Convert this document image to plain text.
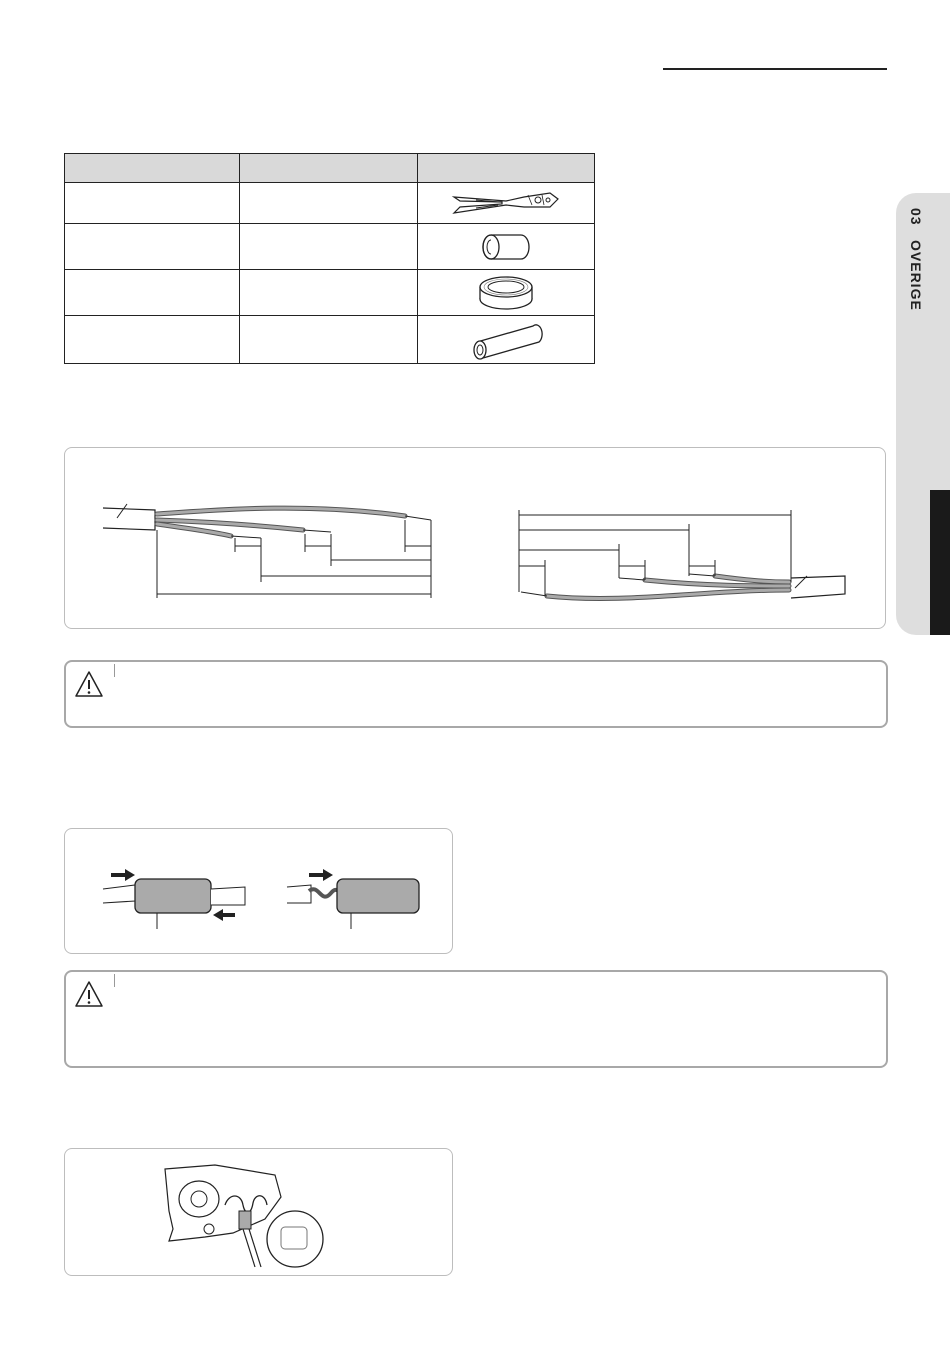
03OVERIGE
